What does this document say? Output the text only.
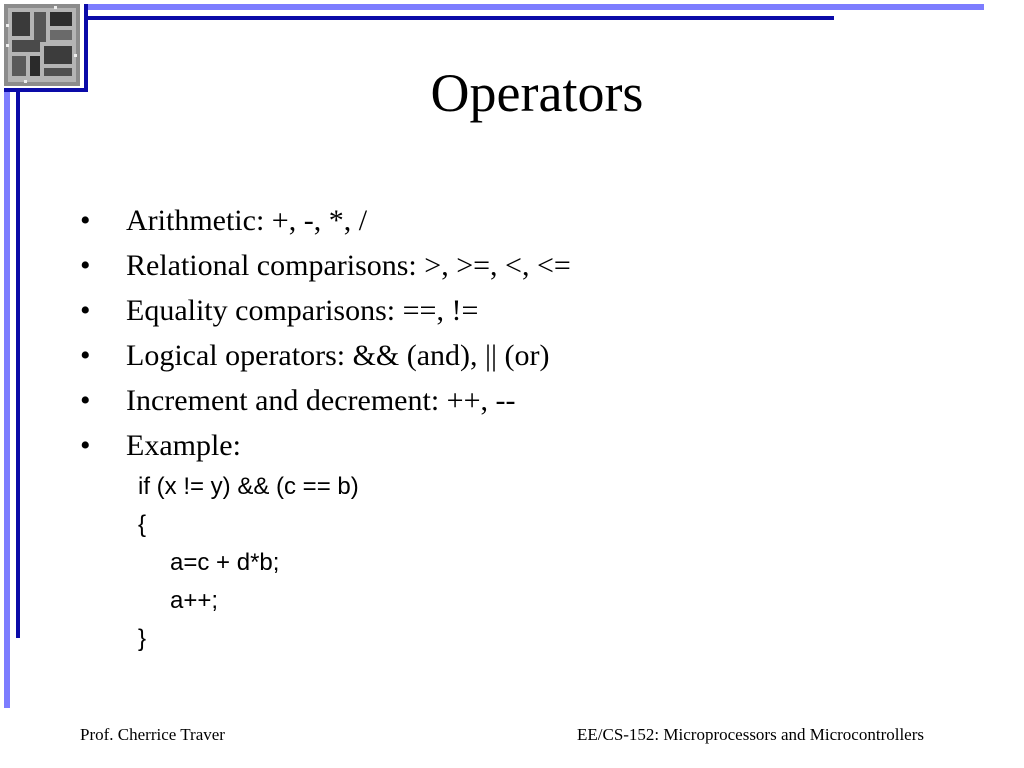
Operators
•	Arithmetic: +, -, *, /
•	Relational comparisons: >, >=, <, <=
•	Equality comparisons: ==, !=
•	Logical operators: && (and), || (or)
•	Increment and decrement: ++, --
•	Example:
if (x != y) && (c == b)
{
a=c + d*b;
a++;
}
Prof. Cherrice Traver	EE/CS-152: Microprocessors and Microcontrollers
